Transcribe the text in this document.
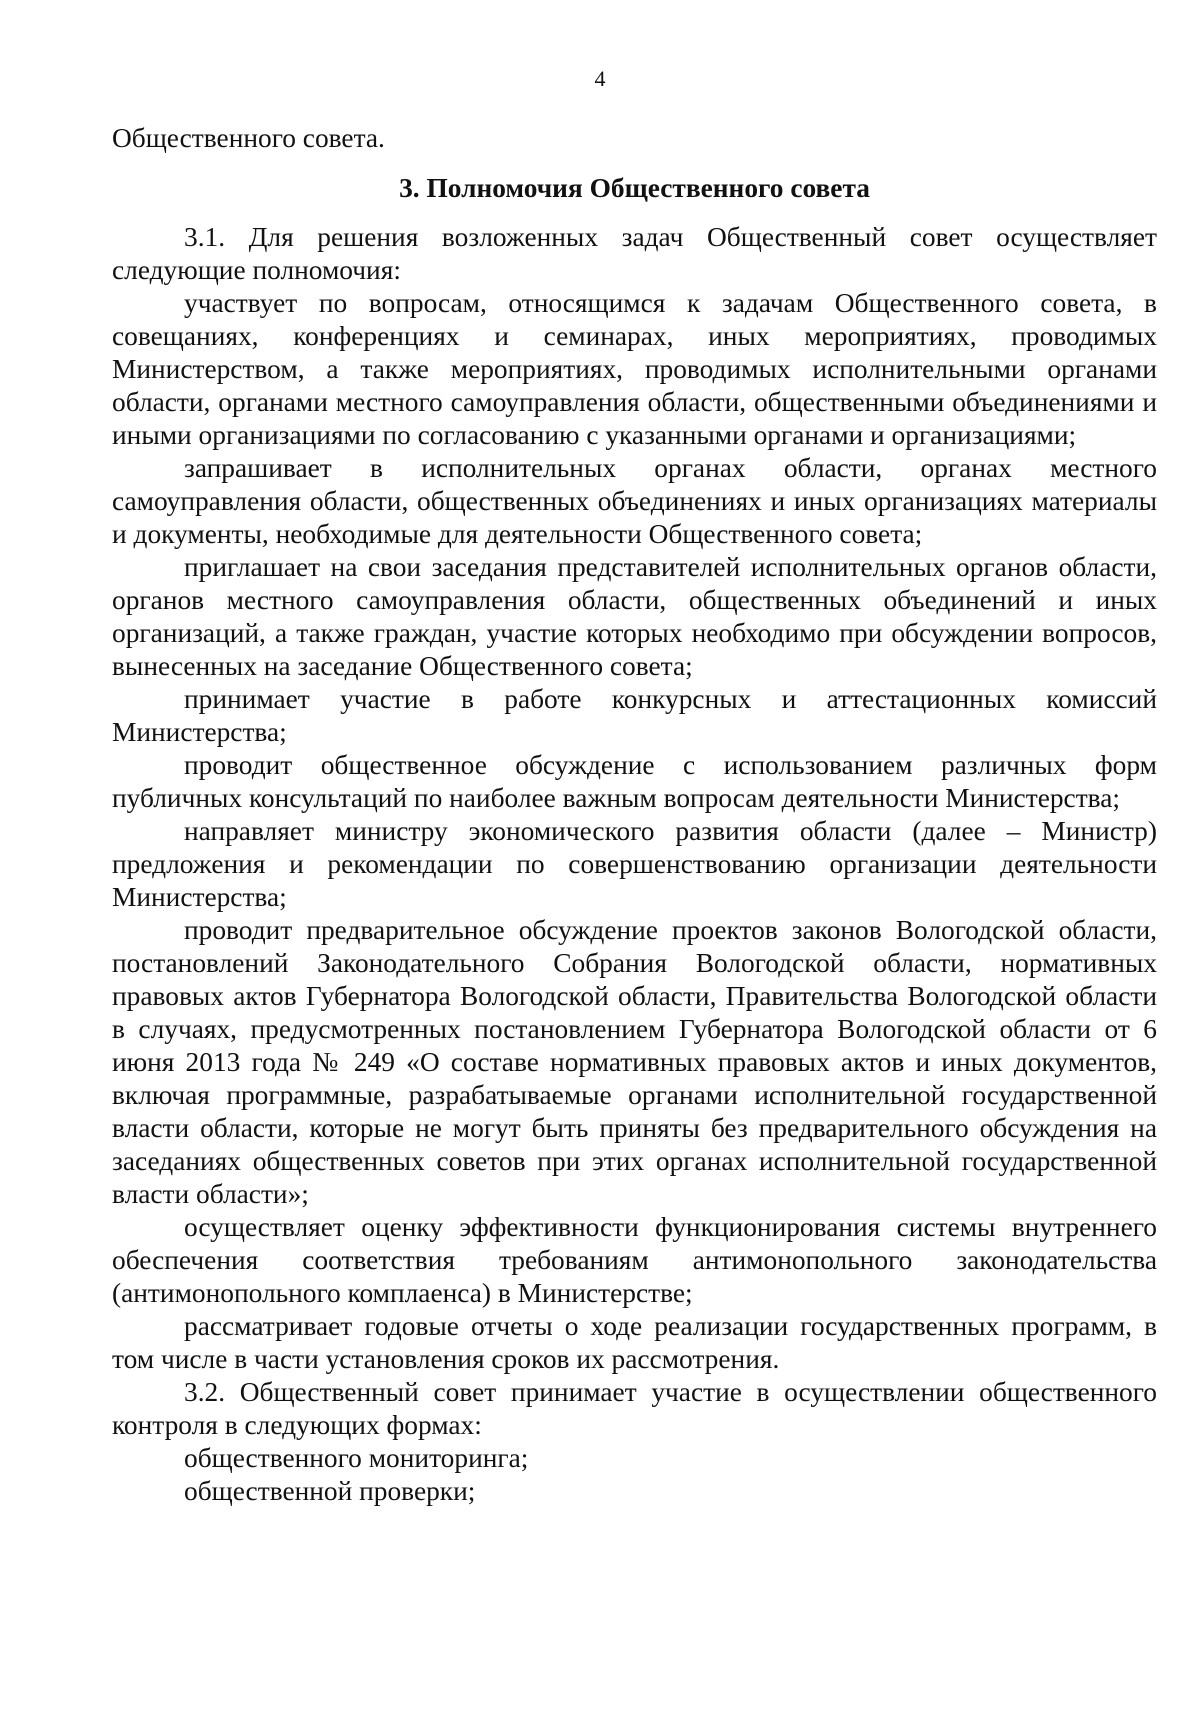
4

Общественного совета.

3. Полномочия Общественного совета

3.1. Для решения возложенных задач Общественный совет осуществляет следующие полномочия:

участвует по вопросам, относящимся к задачам Общественного совета, в совещаниях, конференциях и семинарах, иных мероприятиях, проводимых Министерством, а также мероприятиях, проводимых исполнительными органами области, органами местного самоуправления области, общественными объединениями и иными организациями по согласованию с указанными органами и организациями;

запрашивает в исполнительных органах области, органах местного самоуправления области, общественных объединениях и иных организациях материалы и документы, необходимые для деятельности Общественного совета;

приглашает на свои заседания представителей исполнительных органов области, органов местного самоуправления области, общественных объединений и иных организаций, а также граждан, участие которых необходимо при обсуждении вопросов, вынесенных на заседание Общественного совета;

принимает участие в работе конкурсных и аттестационных комиссий Министерства;

проводит общественное обсуждение с использованием различных форм публичных консультаций по наиболее важным вопросам деятельности Министерства;

направляет министру экономического развития области (далее – Министр) предложения и рекомендации по совершенствованию организации деятельности Министерства;

проводит предварительное обсуждение проектов законов Вологодской области, постановлений Законодательного Собрания Вологодской области, нормативных правовых актов Губернатора Вологодской области, Правительства Вологодской области в случаях, предусмотренных постановлением Губернатора Вологодской области от 6 июня 2013 года № 249 «О составе нормативных правовых актов и иных документов, включая программные, разрабатываемые органами исполнительной государственной власти области, которые не могут быть приняты без предварительного обсуждения на заседаниях общественных советов при этих органах исполнительной государственной власти области»;

осуществляет оценку эффективности функционирования системы внутреннего обеспечения соответствия требованиям антимонопольного законодательства (антимонопольного комплаенса) в Министерстве;

рассматривает годовые отчеты о ходе реализации государственных программ, в том числе в части установления сроков их рассмотрения.

3.2. Общественный совет принимает участие в осуществлении общественного контроля в следующих формах:

общественного мониторинга;

общественной проверки;
